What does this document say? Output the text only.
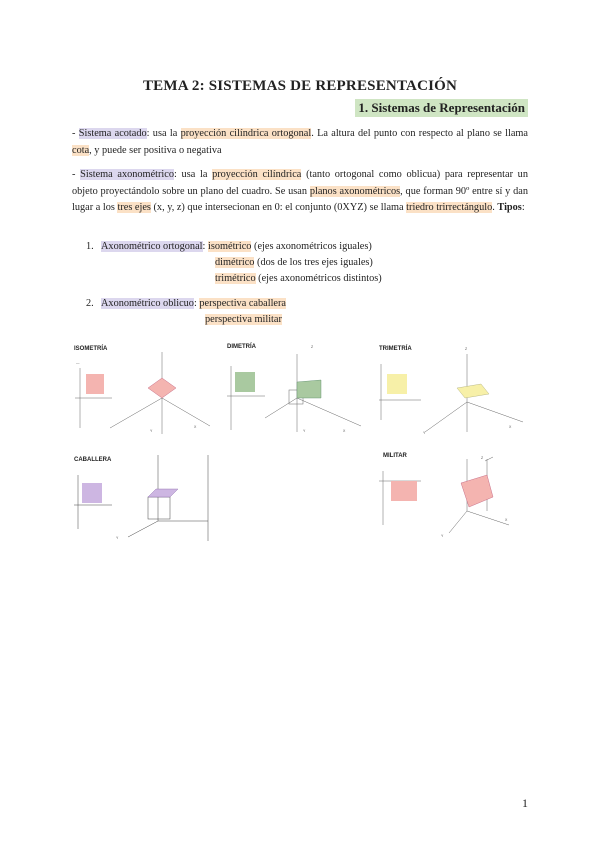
TEMA 2: SISTEMAS DE REPRESENTACIÓN
1. Sistemas de Representación

- Sistema acotado: usa la proyección cilíndrica ortogonal. La altura del punto con respecto al plano se llama cota, y puede ser positiva o negativa

- Sistema axonométrico: usa la proyección cilíndrica (tanto ortogonal como oblicua) para representar un objeto proyectándolo sobre un plano del cuadro. Se usan planos axonométricos, que forman 90º entre sí y dan lugar a los tres ejes (x, y, z) que intersecionan en 0: el conjunto (0XYZ) se llama triedro trirrectángulo. Tipos:

1. Axonométrico ortogonal: isométrico (ejes axonométricos iguales)
dimétrico (dos de los tres ejes iguales)
trimétrico (ejes axonométricos distintos)
2. Axonométrico oblicuo: perspectiva caballera
perspectiva militar
ISOMETRÍA
—
Y
X
DIMETRÍA	Z
Y	X
TRIMETRÍA	Z
Y
X
CABALLERA
Y
MILITAR	Z
Y
X

1
